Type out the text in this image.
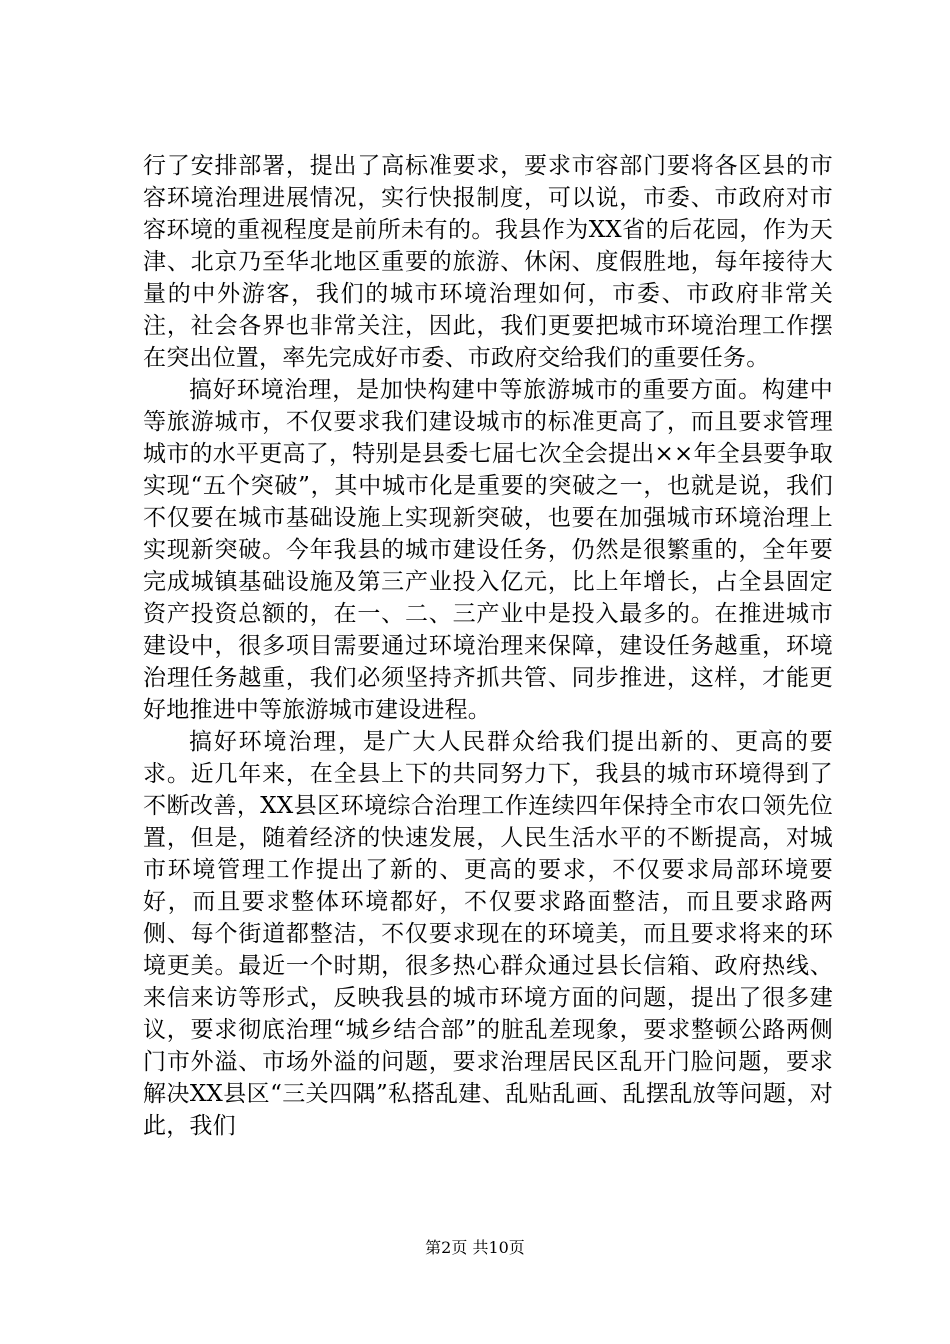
行了安排部署，提出了高标准要求，要求市容部门要将各区县的市容环境治理进展情况，实行快报制度，可以说，市委、市政府对市容环境的重视程度是前所未有的。我县作为XX省的后花园，作为天津、北京乃至华北地区重要的旅游、休闲、度假胜地，每年接待大量的中外游客，我们的城市环境治理如何，市委、市政府非常关注，社会各界也非常关注，因此，我们更要把城市环境治理工作摆在突出位置，率先完成好市委、市政府交给我们的重要任务。

搞好环境治理，是加快构建中等旅游城市的重要方面。构建中等旅游城市，不仅要求我们建设城市的标准更高了，而且要求管理城市的水平更高了，特别是县委七届七次全会提出××年全县要争取实现“五个突破”，其中城市化是重要的突破之一，也就是说，我们不仅要在城市基础设施上实现新突破，也要在加强城市环境治理上实现新突破。今年我县的城市建设任务，仍然是很繁重的，全年要完成城镇基础设施及第三产业投入亿元，比上年增长，占全县固定资产投资总额的，在一、二、三产业中是投入最多的。在推进城市建设中，很多项目需要通过环境治理来保障，建设任务越重，环境治理任务越重，我们必须坚持齐抓共管、同步推进，这样，才能更好地推进中等旅游城市建设进程。

搞好环境治理，是广大人民群众给我们提出新的、更高的要求。近几年来，在全县上下的共同努力下，我县的城市环境得到了不断改善，XX县区环境综合治理工作连续四年保持全市农口领先位置，但是，随着经济的快速发展，人民生活水平的不断提高，对城市环境管理工作提出了新的、更高的要求，不仅要求局部环境要好，而且要求整体环境都好，不仅要求路面整洁，而且要求路两侧、每个街道都整洁，不仅要求现在的环境美，而且要求将来的环境更美。最近一个时期，很多热心群众通过县长信箱、政府热线、来信来访等形式，反映我县的城市环境方面的问题，提出了很多建议，要求彻底治理“城乡结合部”的脏乱差现象，要求整顿公路两侧门市外溢、市场外溢的问题，要求治理居民区乱开门脸问题，要求解决XX县区“三关四隅”私搭乱建、乱贴乱画、乱摆乱放等问题，对此，我们

第2页 共10页
